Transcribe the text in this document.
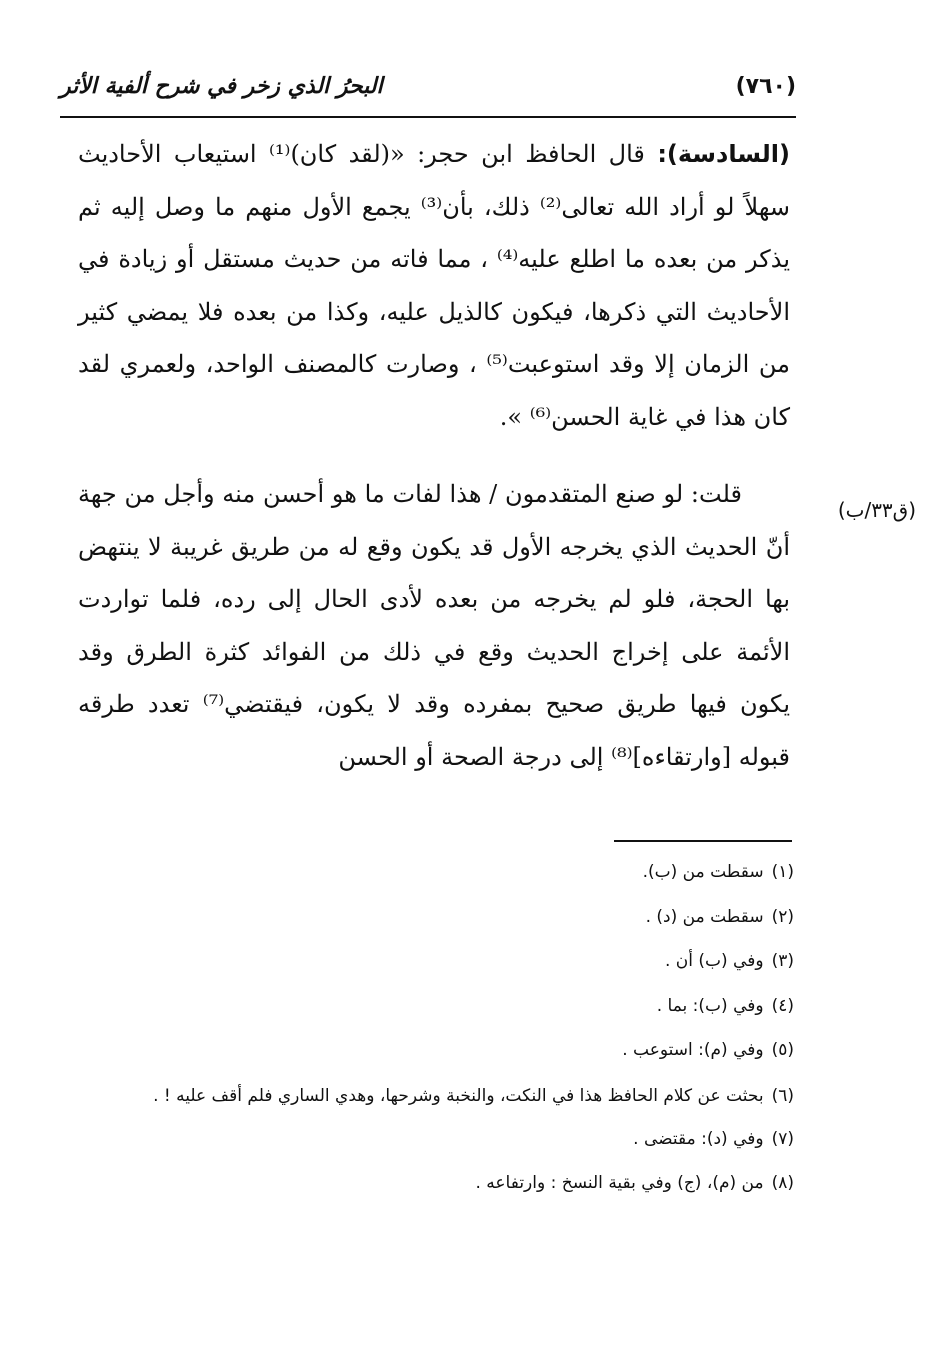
(٧٦٠)
البحرُ الذي زخر في شرح ألفية الأثر
(ق٣٣/ب)

(السادسة): قال الحافظ ابن حجر: «(لقد كان)⁽¹⁾ استيعاب الأحاديث سهلاً لو أراد الله تعالى⁽²⁾ ذلك، بأن⁽³⁾ يجمع الأول منهم ما وصل إليه ثم يذكر من بعده ما اطلع عليه⁽⁴⁾ ، مما فاته من حديث مستقل أو زيادة في الأحاديث التي ذكرها، فيكون كالذيل عليه، وكذا من بعده فلا يمضي كثير من الزمان إلا وقد استوعبت⁽⁵⁾ ، وصارت كالمصنف الواحد، ولعمري لقد كان هذا في غاية الحسن⁽⁶⁾ ».

قلت: لو صنع المتقدمون / هذا لفات ما هو أحسن منه وأجل من جهة أنّ الحديث الذي يخرجه الأول قد يكون وقع له من طريق غريبة لا ينتهض بها الحجة، فلو لم يخرجه من بعده لأدى الحال إلى رده، فلما تواردت الأئمة على إخراج الحديث وقع في ذلك من الفوائد كثرة الطرق وقد يكون فيها طريق صحيح بمفرده وقد لا يكون، فيقتضي⁽⁷⁾ تعدد طرقه قبوله [وارتقاءه]⁽⁸⁾ إلى درجة الصحة أو الحسن

(١)سقطت من (ب).

(٢)سقطت من (د) .

(٣)وفي (ب) أن .

(٤)وفي (ب): بما .

(٥)وفي (م): استوعب .

(٦)بحثت عن كلام الحافظ هذا في النكت، والنخبة وشرحها، وهدي الساري فلم أقف عليه ! .

(٧)وفي (د): مقتضى .

(٨)من (م)، (ج) وفي بقية النسخ : وارتفاعه .
